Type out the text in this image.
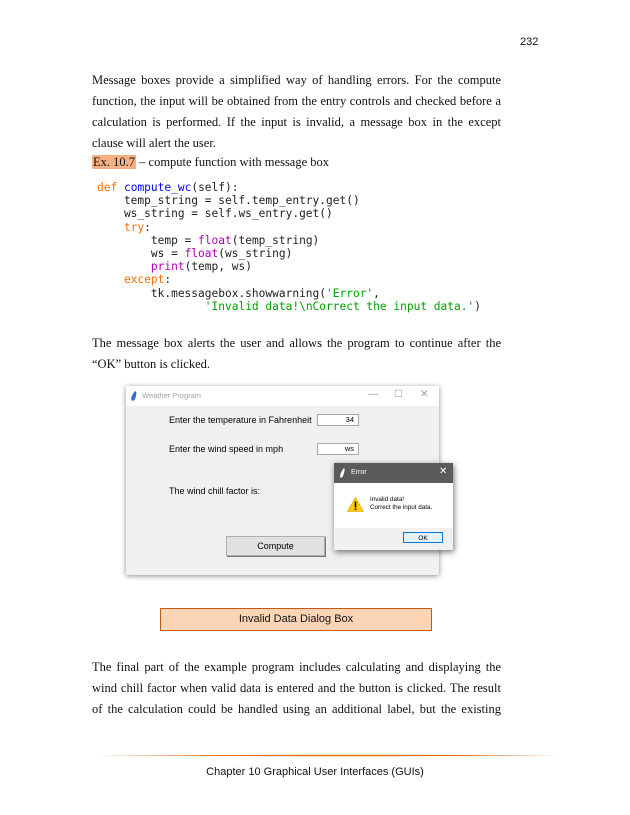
232
Message boxes provide a simplified way of handling errors. For the compute
function, the input will be obtained from the entry controls and checked before a
calculation is performed. If the input is invalid, a message box in the except
clause will alert the user.
Ex. 10.7 – compute function with message box
def compute_wc(self):
temp_string = self.temp_entry.get()
ws_string = self.ws_entry.get()
try:
temp = float(temp_string)
ws = float(ws_string)
print(temp, ws)
except:
tk.messagebox.showwarning('Error',
'Invalid data!\nCorrect the input data.')
The message box alerts the user and allows the program to continue after the
“OK” button is clicked.
Weather Program	— ☐ ✕
Enter the temperature in Fahrenheit	34
Enter the wind speed in mph	ws
The wind chill factor is:
Compute
Error	✕
Invalid data!
Correct the input data.
OK
Invalid Data Dialog Box
The final part of the example program includes calculating and displaying the
wind chill factor when valid data is entered and the button is clicked. The result
of the calculation could be handled using an additional label, but the existing
Chapter 10 Graphical User Interfaces (GUIs)
